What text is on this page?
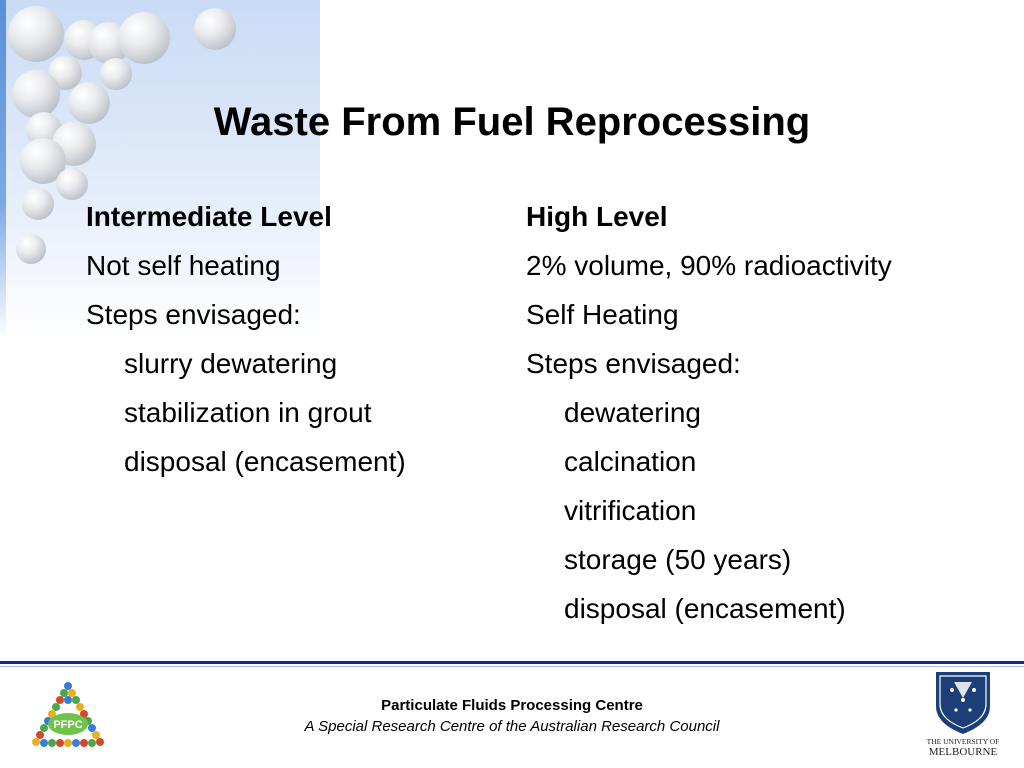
Waste From Fuel Reprocessing
Intermediate Level
Not self heating
Steps envisaged:
slurry dewatering
stabilization in grout
disposal (encasement)
High Level
2% volume, 90% radioactivity
Self Heating
Steps envisaged:
dewatering
calcination
vitrification
storage (50 years)
disposal (encasement)
PFPC
Particulate Fluids Processing Centre
A Special Research Centre of the Australian Research Council
THE UNIVERSITY OF
MELBOURNE
